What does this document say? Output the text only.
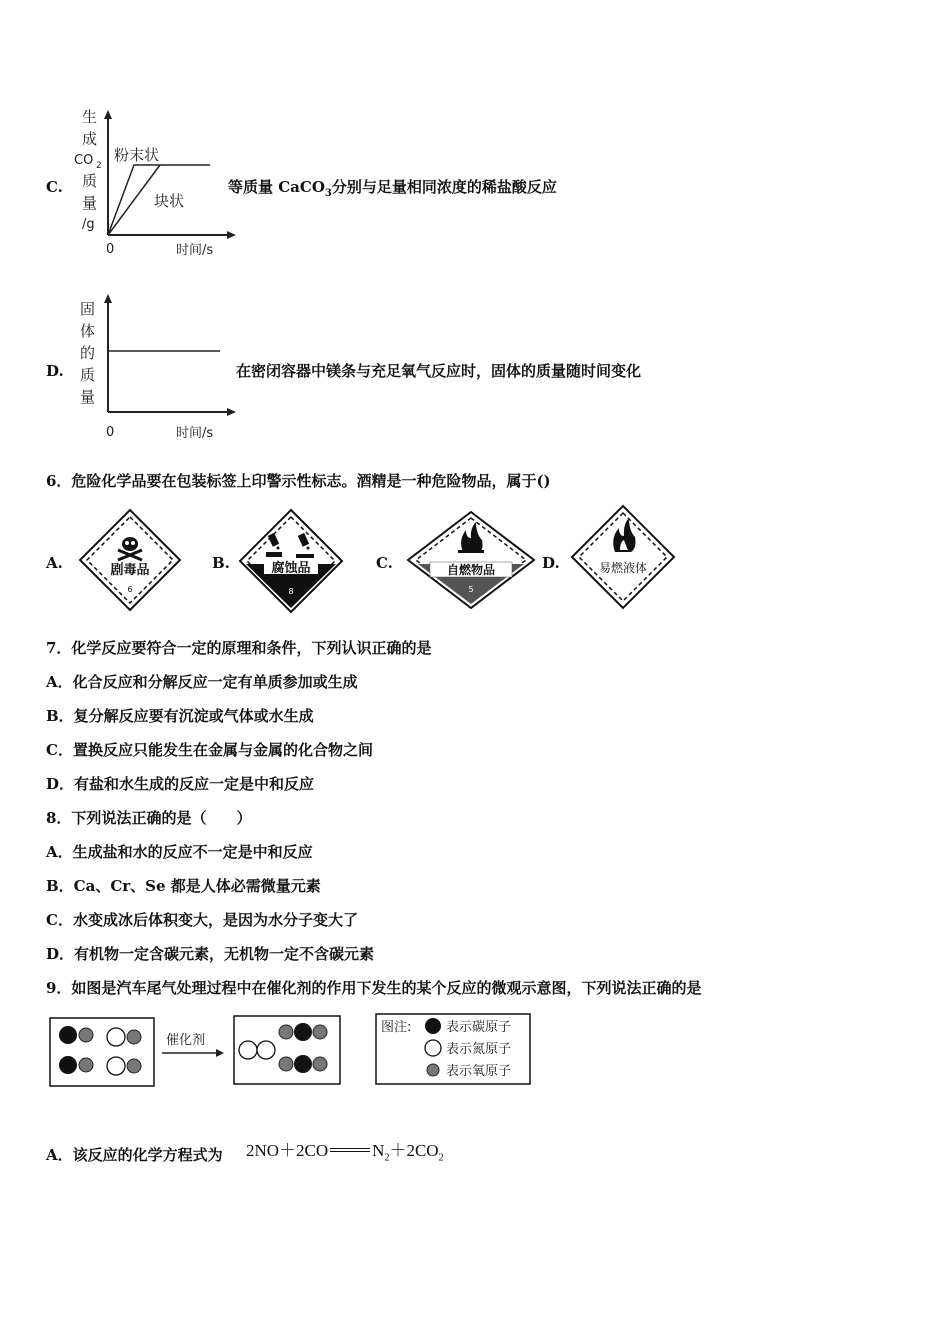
C.
生
成
CO 2
质
量
/g
0	时间/s
粉末状
块状
等质量 CaCO$_3$分别与足量相同浓度的稀盐酸反应
D.
固
体
的
质
量
0	时间/s
在密闭容器中镁条与充足氧气反应时，固体的质量随时间变化
6．危险化学品要在包装标签上印警示性标志。酒精是一种危险物品，属于()
A.	剧毒品
6
B.	腐蚀品
8
C.	自燃物品
5
D.	易燃液体
7．化学反应要符合一定的原理和条件，下列认识正确的是
A．化合反应和分解反应一定有单质参加或生成
B．复分解反应要有沉淀或气体或水生成
C．置换反应只能发生在金属与金属的化合物之间
D．有盐和水生成的反应一定是中和反应
8．下列说法正确的是（　　）
A．生成盐和水的反应不一定是中和反应
B．Ca、Cr、Se 都是人体必需微量元素
C．水变成冰后体积变大，是因为水分子变大了
D．有机物一定含碳元素，无机物一定不含碳元素
9．如图是汽车尾气处理过程中在催化剂的作用下发生的某个反应的微观示意图，下列说法正确的是
催化剂
图注:	表示碳原子
表示氮原子
表示氧原子
A．该反应的化学方程式为 2NO＋2CO	$N_2+2CO_2$
